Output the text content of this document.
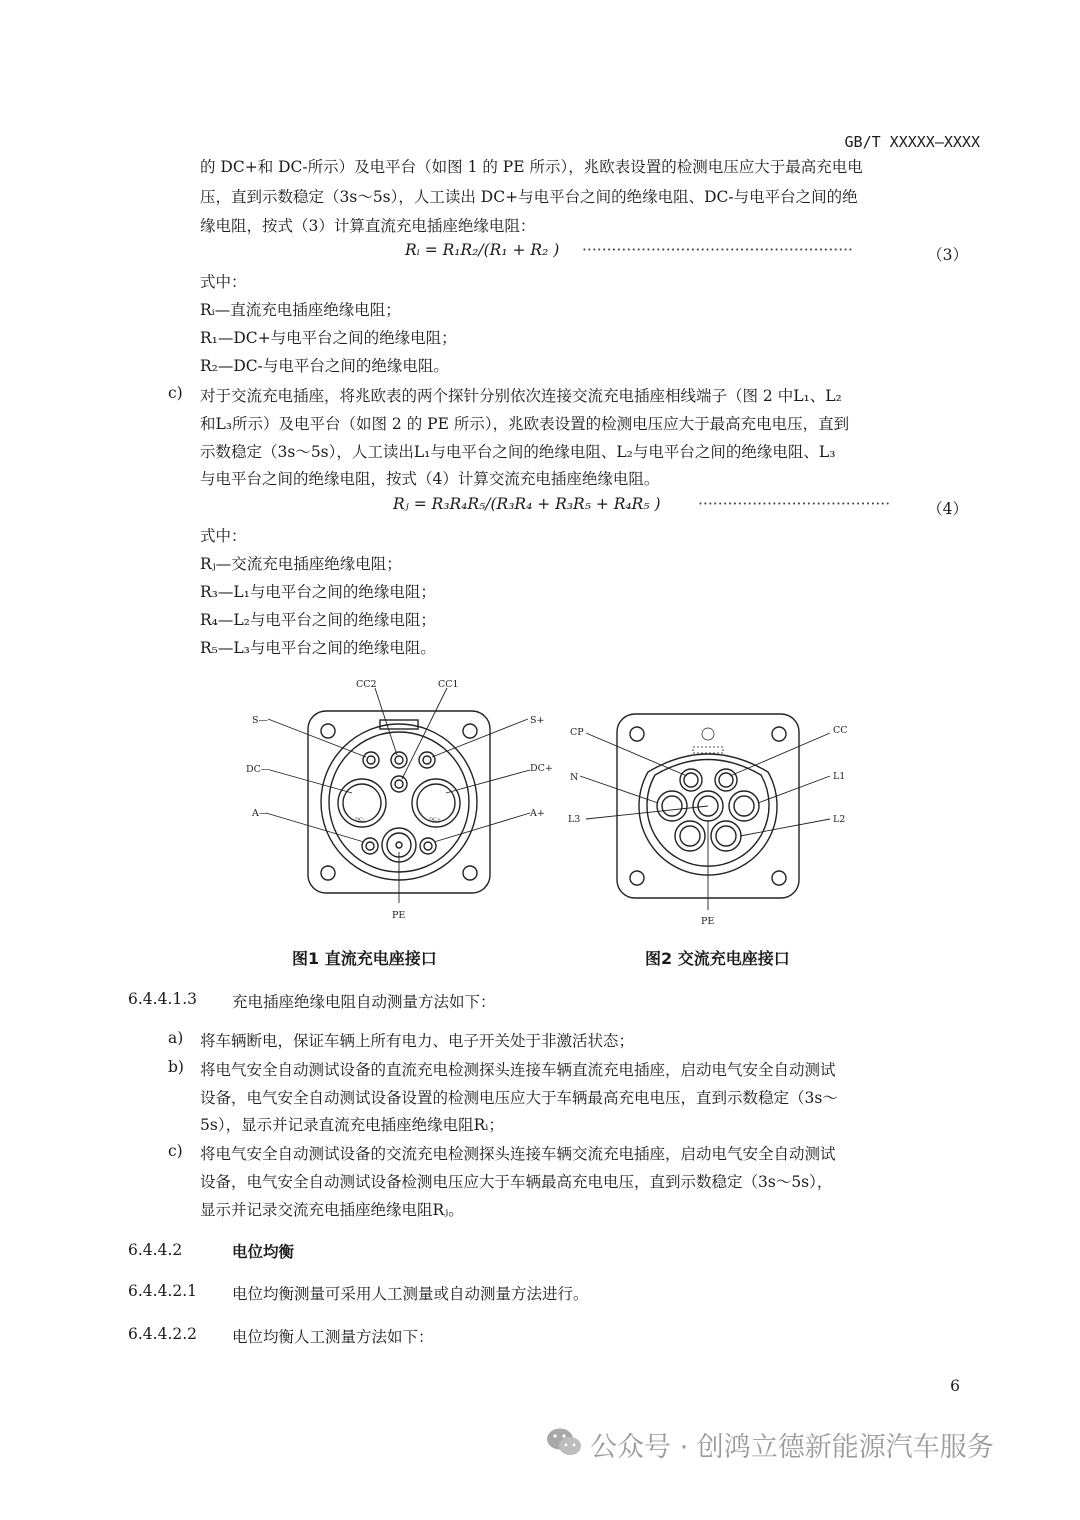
GB/T XXXXX—XXXX
的 DC+和 DC-所示）及电平台（如图 1 的 PE 所示），兆欧表设置的检测电压应大于最高充电电
压，直到示数稳定（3s～5s），人工读出 DC+与电平台之间的绝缘电阻、DC-与电平台之间的绝
缘电阻，按式（3）计算直流充电插座绝缘电阻：
Rᵢ = R₁R₂/(R₁ + R₂ ) ·······················································	（3）
式中：
Rᵢ—直流充电插座绝缘电阻；
R₁—DC+与电平台之间的绝缘电阻；
R₂—DC-与电平台之间的绝缘电阻。
c) 对于交流充电插座，将兆欧表的两个探针分别依次连接交流充电插座相线端子（图 2 中L₁、L₂
和L₃所示）及电平台（如图 2 的 PE 所示），兆欧表设置的检测电压应大于最高充电电压，直到
示数稳定（3s～5s），人工读出L₁与电平台之间的绝缘电阻、L₂与电平台之间的绝缘电阻、L₃
与电平台之间的绝缘电阻，按式（4）计算交流充电插座绝缘电阻。
Rⱼ = R₃R₄R₅/(R₃R₄ + R₃R₅ + R₄R₅ ) ······································· （4）
式中：
Rⱼ—交流充电插座绝缘电阻；
R₃—L₁与电平台之间的绝缘电阻；
R₄—L₂与电平台之间的绝缘电阻；
R₅—L₃与电平台之间的绝缘电阻。
CC2	CC1
S—	S+
DC—	DC+
A—	A+
PE
DC-	DC+
CP	CC
N	L1
L3	L2
PE
图1 直流充电座接口	图2 交流充电座接口
6.4.4.1.3 充电插座绝缘电阻自动测量方法如下：
a) 将车辆断电，保证车辆上所有电力、电子开关处于非激活状态；
b) 将电气安全自动测试设备的直流充电检测探头连接车辆直流充电插座，启动电气安全自动测试
设备，电气安全自动测试设备设置的检测电压应大于车辆最高充电电压，直到示数稳定（3s～
5s），显示并记录直流充电插座绝缘电阻Rᵢ；
c) 将电气安全自动测试设备的交流充电检测探头连接车辆交流充电插座，启动电气安全自动测试
设备，电气安全自动测试设备检测电压应大于车辆最高充电电压，直到示数稳定（3s～5s），
显示并记录交流充电插座绝缘电阻Rⱼ。
6.4.4.2	电位均衡
6.4.4.2.1 电位均衡测量可采用人工测量或自动测量方法进行。
6.4.4.2.2 电位均衡人工测量方法如下：
6
公众号 · 创鸿立德新能源汽车服务
